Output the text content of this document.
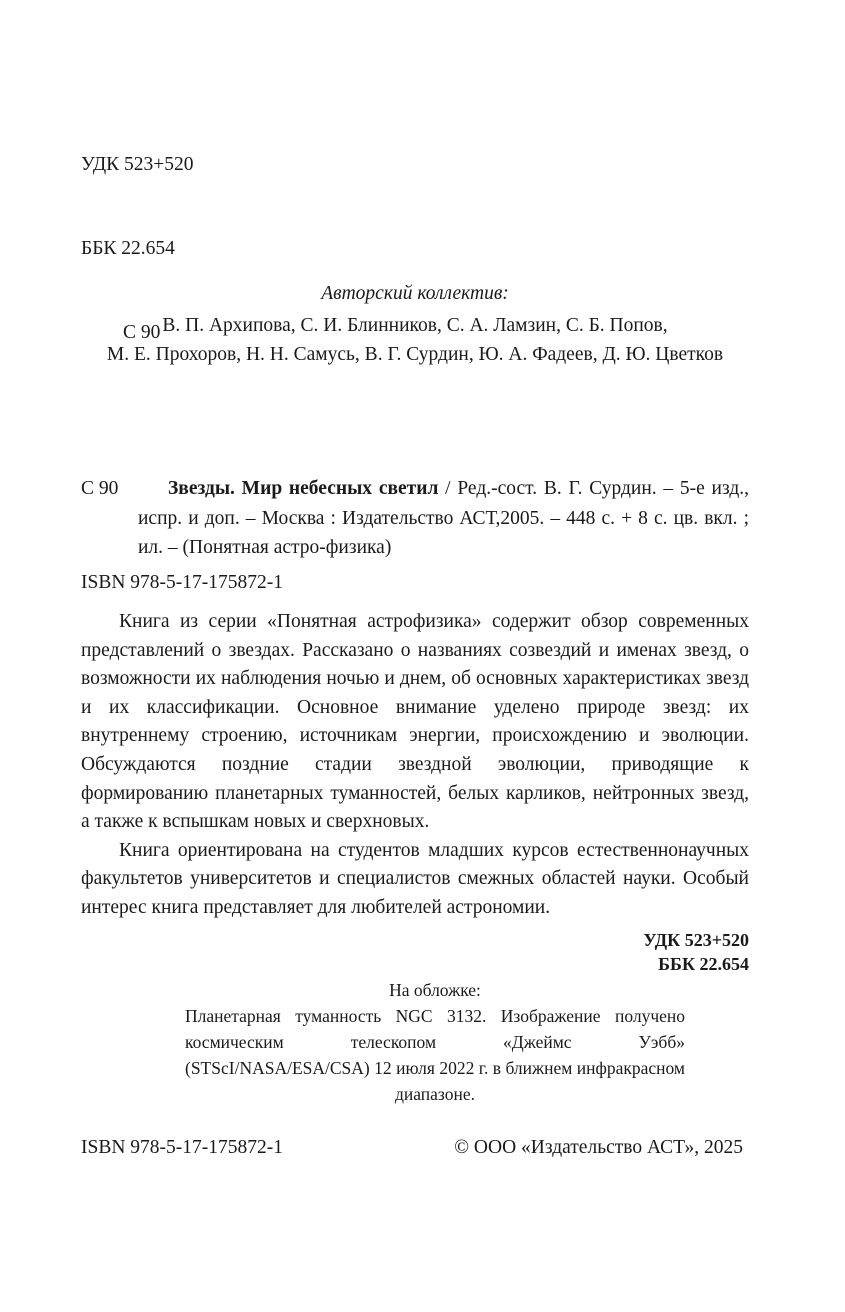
УДК 523+520

ББК 22.654

С 90

Авторский коллектив:
В. П. Архипова, С. И. Блинников, С. А. Ламзин, С. Б. Попов,
М. Е. Прохоров, Н. Н. Самусь, В. Г. Сурдин, Ю. А. Фадеев, Д. Ю. Цветков
С 90	Звезды. Мир небесных светил / Ред.-сост. В. Г. Сурдин. – 5-е изд., испр. и доп. – Москва : Издательство АСТ,2005. – 448 с. + 8 с. цв. вкл. ; ил. – (Понятная астро-физика)
ISBN 978-5-17-175872-1

Книга из серии «Понятная астрофизика» содержит обзор современных представлений о звездах. Рассказано о названиях созвездий и именах звезд, о возможности их наблюдения ночью и днем, об основных характеристиках звезд и их классификации. Основное внимание уделено природе звезд: их внутреннему строению, источникам энергии, происхождению и эволюции. Обсуждаются поздние стадии звездной эволюции, приводящие к формированию планетарных туманностей, белых карликов, нейтронных звезд, а также к вспышкам новых и сверхновых.

Книга ориентирована на студентов младших курсов естественнонаучных факультетов университетов и специалистов смежных областей науки. Особый интерес книга представляет для любителей астрономии.

УДК 523+520
ББК 22.654
На обложке:
Планетарная туманность NGC 3132. Изображение получено космическим телескопом «Джеймс Уэбб» (STScI/NASA/ESA/CSA) 12 июля 2022 г. в ближнем инфракрасном диапазоне.
ISBN 978-5-17-175872-1	© ООО «Издательство АСТ», 2025
